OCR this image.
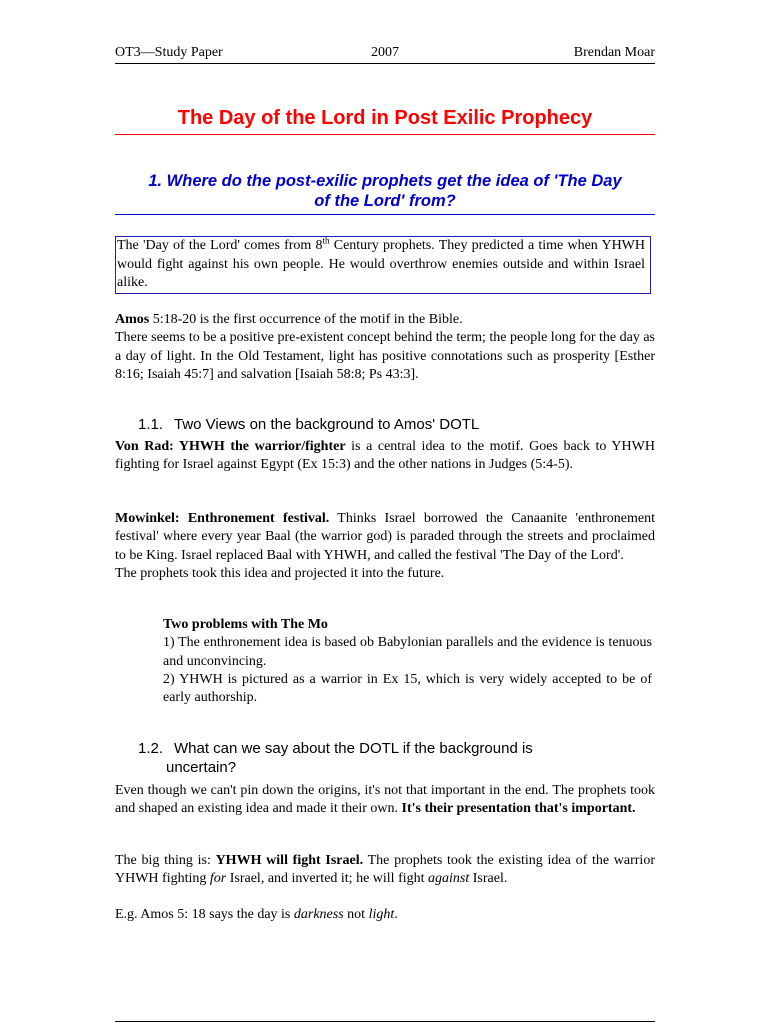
OT3—Study Paper	2007	Brendan Moar
The Day of the Lord in Post Exilic Prophecy
1. Where do the post-exilic prophets get the idea of 'The Day
of the Lord' from?
The 'Day of the Lord' comes from 8th Century prophets. They predicted a time when YHWH would fight against his own people. He would overthrow enemies outside and within Israel alike.
Amos 5:18-20 is the first occurrence of the motif in the Bible.
There seems to be a positive pre-existent concept behind the term; the people long for the day as a day of light. In the Old Testament, light has positive connotations such as prosperity [Esther 8:16; Isaiah 45:7] and salvation [Isaiah 58:8; Ps 43:3].
1.1. Two Views on the background to Amos' DOTL
Von Rad: YHWH the warrior/fighter is a central idea to the motif. Goes back to YHWH fighting for Israel against Egypt (Ex 15:3) and the other nations in Judges (5:4-5).
Mowinkel: Enthronement festival. Thinks Israel borrowed the Canaanite 'enthronement festival' where every year Baal (the warrior god) is paraded through the streets and proclaimed to be King. Israel replaced Baal with YHWH, and called the festival 'The Day of the Lord'.
The prophets took this idea and projected it into the future.
Two problems with The Mo
1) The enthronement idea is based ob Babylonian parallels and the evidence is tenuous and unconvincing.
2) YHWH is pictured as a warrior in Ex 15, which is very widely accepted to be of early authorship.
1.2. What can we say about the DOTL if the background is
uncertain?
Even though we can't pin down the origins, it's not that important in the end. The prophets took and shaped an existing idea and made it their own. It's their presentation that's important.
The big thing is: YHWH will fight Israel. The prophets took the existing idea of the warrior YHWH fighting for Israel, and inverted it; he will fight against Israel.
E.g. Amos 5: 18 says the day is darkness not light.
